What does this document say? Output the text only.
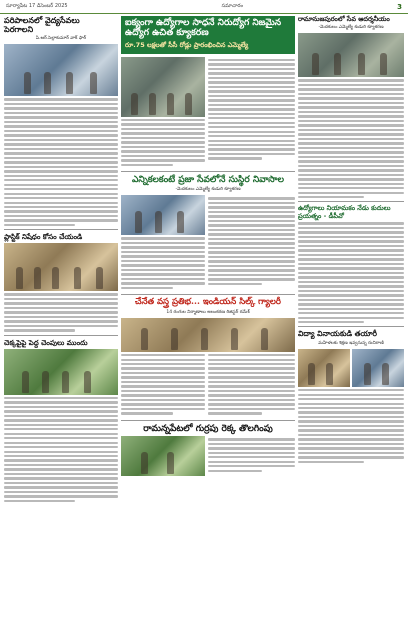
సూర్యాపేట 17 డిసెంబర్ 2025	సమాచారం	3
పరిపాలనలో వైద్యసేవలు
పెరగాలని
పి.ఆర్.సెల్లాకుమార్ వాక్ ఫార్
ప్లాస్టిక్ నిషేధం కోసం చేయండి
చెక్కపైపై పెద్ద చెంపులు ముందు
ఐక్యంగా ఉద్యోగాల సాధనే నిరుద్యోగ నిజమైన ఉద్యోగ ఉచిత క్యూకరణ
రూ.75 లక్షలతో సీసీ రోడ్లు ప్రారంభించిన ఎమ్మెల్యే
ఎన్నికలకంటే ప్రజా సేవలోనే సుస్థిర నివాసాల
-మెదకులం ఎమ్మెల్యే కుడురి క్యూకరణ
చేనేత వస్త్ర ప్రతిభ... ఇండియన్ సిల్క్ గ్యాలరీ
14 రంగుల నిర్మాణాలు అలంకరణ రిజిస్టర్ రమేశ్
రామన్నపేటలో గుర్రపు రెక్క తొలగింపు
రామానుజపురంలో సేవ ఆదర్శనీయం
-మెదకులం ఎమ్మెల్యే కుడురి క్యూకరణ
ఉద్యోగాలు నియామకం నేడు కుదులు ప్రయత్నం - డీపీవో
విద్యా వినాయకుడి తయారీ
మహిళలకు శిక్షణ ఇవ్వనున్న రుచిరాణి
